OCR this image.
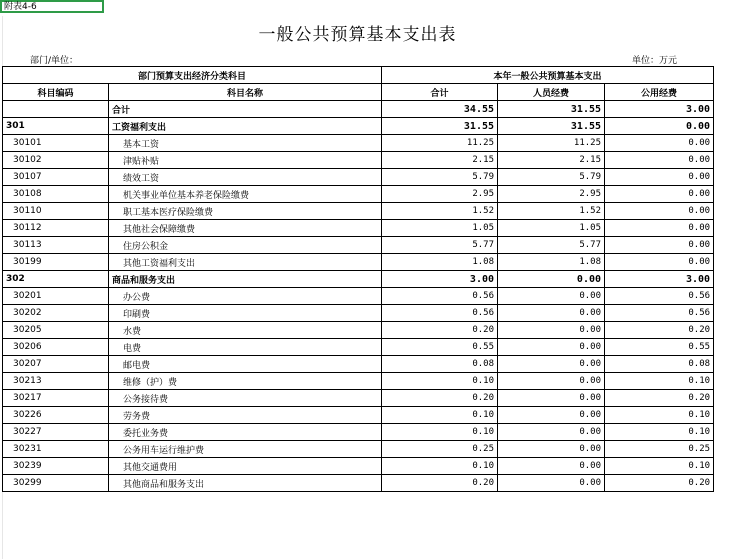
附表4-6
一般公共预算基本支出表
部门/单位：	单位：万元
部门预算支出经济分类科目		本年一般公共预算基本支出		
科目编码	科目名称	合计	人员经费	公用经费
	合计	34.55	31.55	3.00
301	工资福利支出	31.55	31.55	0.00
30101	基本工资	11.25	11.25	0.00
30102	津贴补贴	2.15	2.15	0.00
30107	绩效工资	5.79	5.79	0.00
30108	机关事业单位基本养老保险缴费	2.95	2.95	0.00
30110	职工基本医疗保险缴费	1.52	1.52	0.00
30112	其他社会保障缴费	1.05	1.05	0.00
30113	住房公积金	5.77	5.77	0.00
30199	其他工资福利支出	1.08	1.08	0.00
302	商品和服务支出	3.00	0.00	3.00
30201	办公费	0.56	0.00	0.56
30202	印刷费	0.56	0.00	0.56
30205	水费	0.20	0.00	0.20
30206	电费	0.55	0.00	0.55
30207	邮电费	0.08	0.00	0.08
30213	维修（护）费	0.10	0.00	0.10
30217	公务接待费	0.20	0.00	0.20
30226	劳务费	0.10	0.00	0.10
30227	委托业务费	0.10	0.00	0.10
30231	公务用车运行维护费	0.25	0.00	0.25
30239	其他交通费用	0.10	0.00	0.10
30299	其他商品和服务支出	0.20	0.00	0.20
